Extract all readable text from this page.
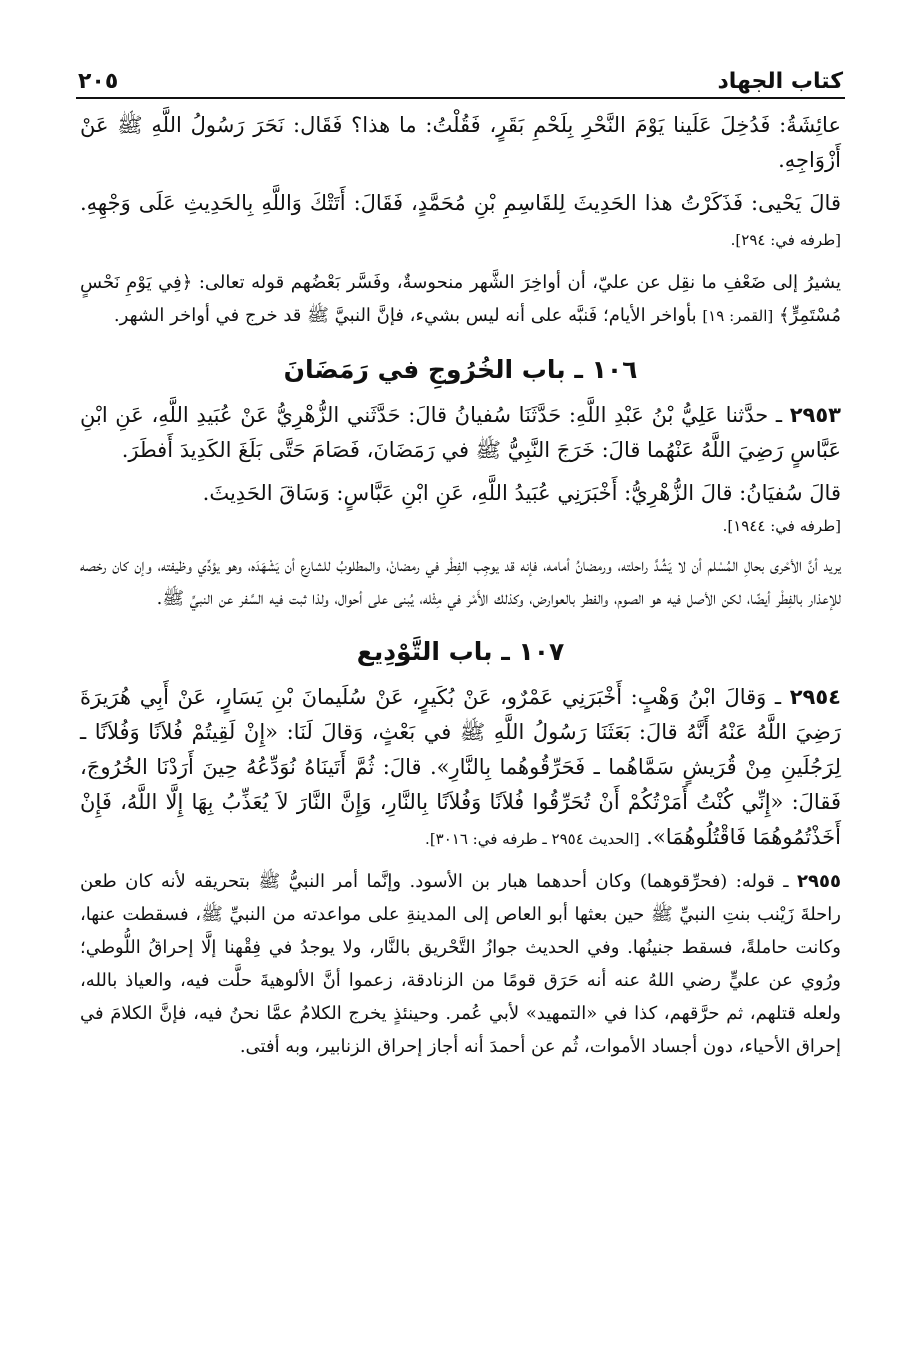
كتاب الجهاد
٢٠٥

عائِشَةُ: فَدُخِلَ عَلَينا يَوْمَ النَّحْرِ بِلَحْمِ بَقَرٍ، فَقُلْتُ: ما هذا؟ فَقَال: نَحَرَ رَسُولُ اللَّهِ ﷺ عَنْ أَزْوَاجِهِ.

قالَ يَحْيى: فَذَكَرْتُ هذا الحَدِيثَ لِلقَاسِمِ بْنِ مُحَمَّدٍ، فَقَالَ: أَتَتْكَ وَاللَّهِ بِالحَدِيثِ عَلَى وَجْهِهِ. [طرفه في: ٢٩٤].

يشيرُ إلى ضَعْفِ ما نقِل عن عليّ، أن أواخِرَ الشَّهر منحوسةٌ، وفَسَّر بَعْضُهم قوله تعالى: ﴿فِي يَوْمِ نَحْسٍ مُسْتَمِرٍّ﴾ [القمر: ١٩] بأواخر الأيام؛ فَنبَّه على أنه ليس بشيء، فإنَّ النبيَّ ﷺ قد خرج في أواخر الشهر.

١٠٦ ـ باب الخُرُوجِ في رَمَضَانَ

٢٩٥٣ ـ حدَّثنا عَلِيُّ بْنُ عَبْدِ اللَّهِ: حَدَّثَنَا سُفيانُ قالَ: حَدَّثَني الزُّهْرِيُّ عَنْ عُبَيدِ اللَّهِ، عَنِ ابْنِ عَبَّاسٍ رَضِيَ اللَّهُ عَنْهُما قالَ: خَرَجَ النَّبِيُّ ﷺ في رَمَضَانَ، فَصَامَ حَتَّى بَلَغَ الكَدِيدَ أَفطَرَ.

قالَ سُفيَانُ: قالَ الزُّهْرِيُّ: أَخْبَرَنِي عُبَيدُ اللَّهِ، عَنِ ابْنِ عَبَّاسٍ: وَسَاقَ الحَدِيثَ.

[طرفه في: ١٩٤٤].

يريد أنَّ الأحْرى بحالِ المُسْلم أن لا يَشُدَّ راحلته، ورمضانُ أمامه، فإنه قد يوجِب الفِطْر في رمضانْ، والمطلوبُ للشارع أن يَشْهَدَه، وهو يؤدِّي وظيفته، وإن كان رخصه للإعذار بالفِطْر أيضًا، لكن الأصل فيه هو الصوم، والفطر بالعوارض، وكذلك الأَمْر في مِثْله، يُبنى على أحوال، ولذا ثبت فيه السَّفر عن النبيِّ ﷺ.

١٠٧ ـ باب التَّوْدِيع

٢٩٥٤ ـ وَقالَ ابْنُ وَهْبٍ: أَخْبَرَنِي عَمْرٌو، عَنْ بُكَيرٍ، عَنْ سُلَيمانَ بْنِ يَسَارٍ، عَنْ أَبِي هُرَيرَةَ رَضِيَ اللَّهُ عَنْهُ أَنَّهُ قالَ: بَعَثَنَا رَسُولُ اللَّهِ ﷺ في بَعْثٍ، وَقالَ لَنَا: «إِنْ لَقِيتُمْ فُلاَنًا وَفُلاَنًا ـ لِرَجُلَينِ مِنْ قُرَيشٍ سَمَّاهُما ـ فَحَرِّقُوهُما بِالنَّارِ». قالَ: ثُمَّ أَتَينَاهُ نُوَدِّعُهُ حِينَ أَرَدْنَا الخُرُوجَ، فَقالَ: «إِنِّي كُنْتُ أَمَرْتُكُمْ أَنْ تُحَرِّقُوا فُلاَنًا وَفُلاَنًا بِالنَّارِ، وَإِنَّ النَّارَ لاَ يُعَذِّبُ بِهَا إِلَّا اللَّهُ، فَإِنْ أَخَذْتُمُوهُمَا فَاقْتُلُوهُمَا». [الحديث ٢٩٥٤ ـ طرفه في: ٣٠١٦].

٢٩٥٥ ـ قوله: (فحرِّقوهما) وكان أحدهما هبار بن الأسود. وإنَّما أمر النبيُّ ﷺ بتحريقه لأنه كان طعن راحلةَ زَيْنب بنتِ النبيِّ ﷺ حين بعثها أبو العاص إلى المدينةِ على مواعدته من النبيِّ ﷺ، فسقطت عنها، وكانت حاملةً، فسقط جنينُها. وفي الحديث جوازُ التَّحْريق بالنَّار، ولا يوجدُ في فِقْهنا إلَّا إحراقُ اللُّوطي؛ ورُوي عن عليٍّ رضي اللهُ عنه أنه حَرَق قومًا من الزنادقة، زعموا أنَّ الألوهيةَ حلَّت فيه، والعياذ بالله، ولعله قتلهم، ثم حرَّقهم، كذا في «التمهيد» لأبي عُمر. وحينئذٍ يخرج الكلامُ عمَّا نحنُ فيه، فإنَّ الكلامَ في إحراق الأحياء، دون أجساد الأموات، ثُم عن أحمدَ أنه أجاز إحراق الزنابير، وبه أفتى.
